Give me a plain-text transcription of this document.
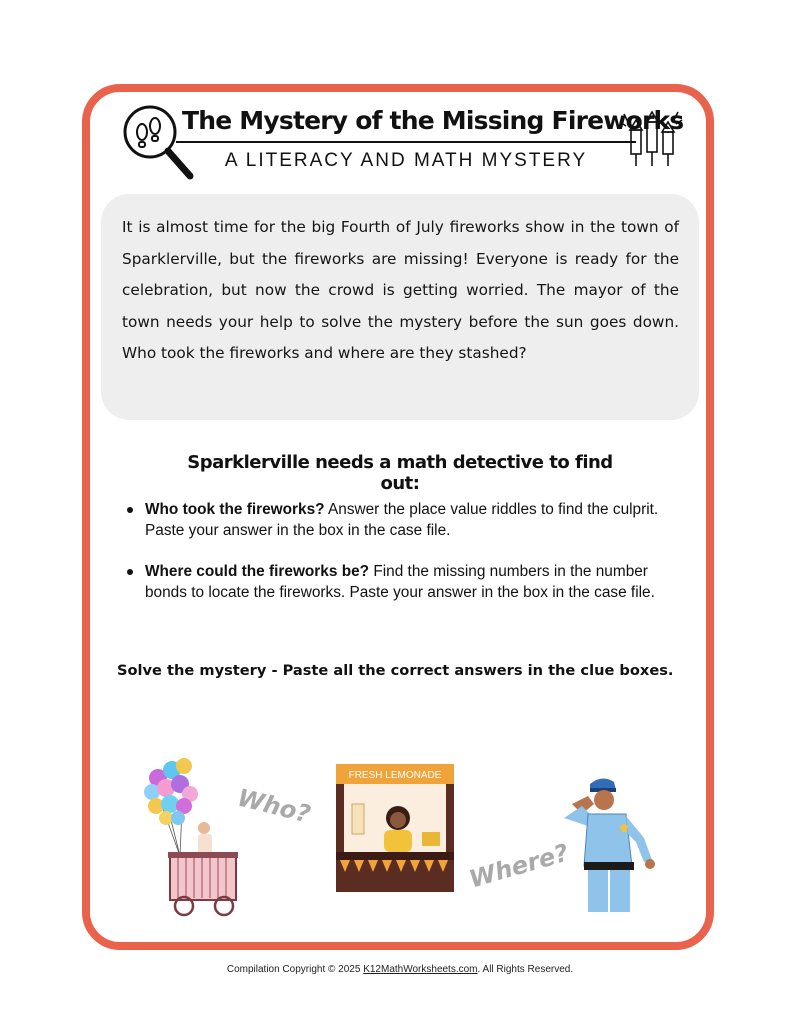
The Mystery of the Missing Fireworks
A LITERACY AND MATH MYSTERY
It is almost time for the big Fourth of July fireworks show in the town of Sparklerville, but the fireworks are missing! Everyone is ready for the celebration, but now the crowd is getting worried. The mayor of the town needs your help to solve the mystery before the sun goes down. Who took the fireworks and where are they stashed?
Sparklerville needs a math detective to find out:
Who took the fireworks? Answer the place value riddles to find the culprit. Paste your answer in the box in the case file.
Where could the fireworks be? Find the missing numbers in the number bonds to locate the fireworks. Paste your answer in the box in the case file.
Solve the mystery - Paste all the correct answers in the clue boxes.
Who?
FRESH LEMONADE
Where?
Compilation Copyright © 2025 K12MathWorksheets.com. All Rights Reserved.
